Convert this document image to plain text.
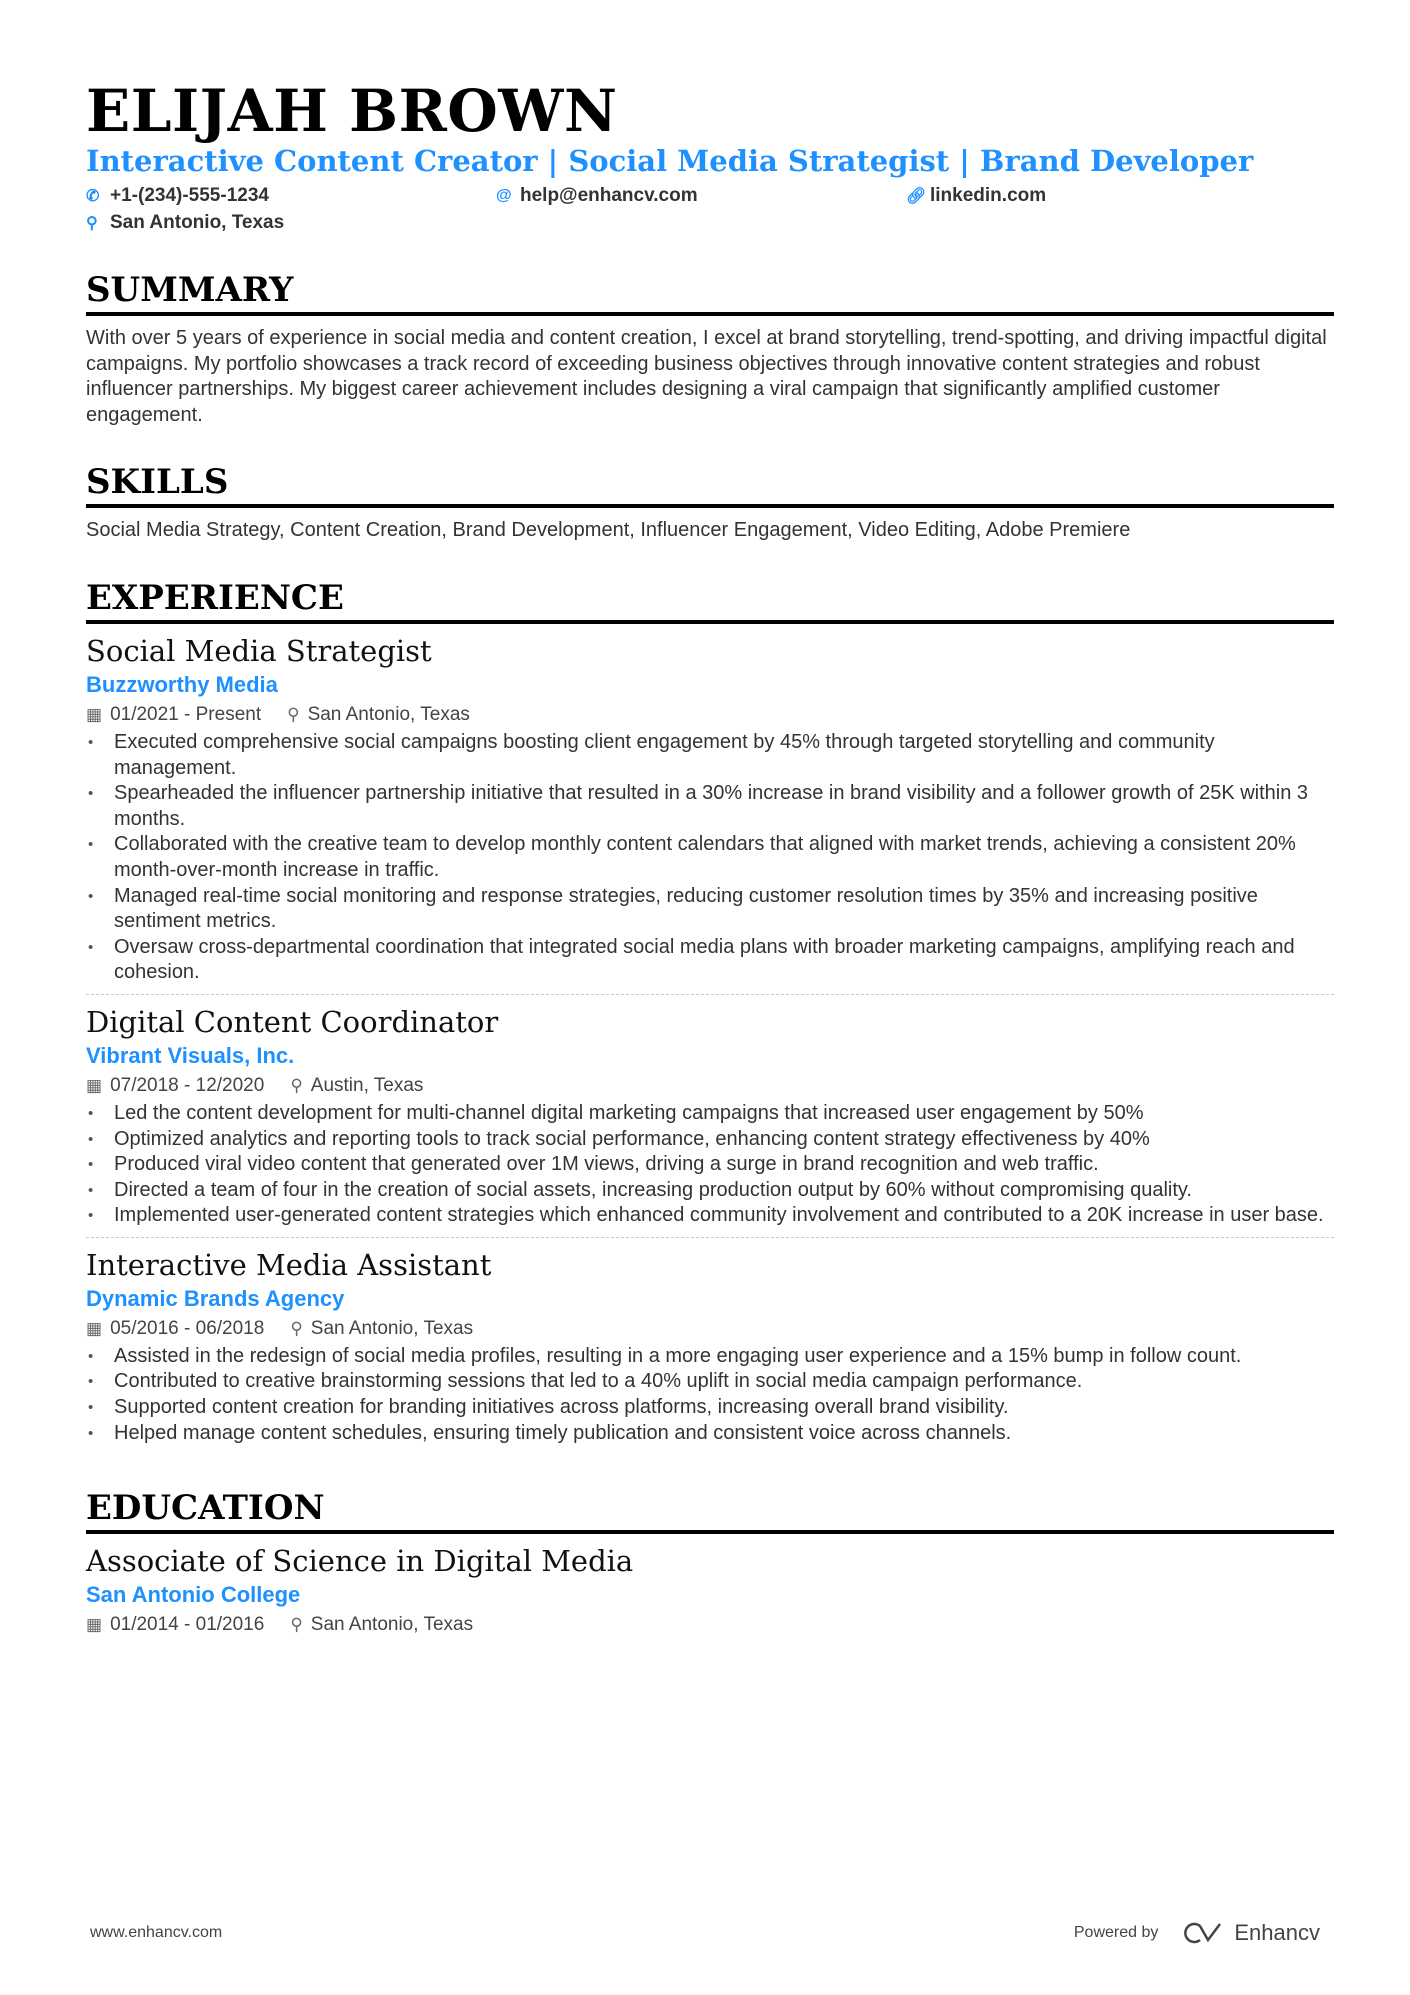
ELIJAH BROWN
Interactive Content Creator | Social Media Strategist | Brand Developer
✆ +1-(234)-555-1234	@ help@enhancv.com	🔗︎ linkedin.com
⚲ San Antonio, Texas
SUMMARY
With over 5 years of experience in social media and content creation, I excel at brand storytelling, trend-spotting, and driving impactful digital campaigns. My portfolio showcases a track record of exceeding business objectives through innovative content strategies and robust influencer partnerships. My biggest career achievement includes designing a viral campaign that significantly amplified customer engagement.
SKILLS
Social Media Strategy, Content Creation, Brand Development, Influencer Engagement, Video Editing, Adobe Premiere
EXPERIENCE
Social Media Strategist
Buzzworthy Media
▦ 01/2021 - Present ⚲ San Antonio, Texas
• Executed comprehensive social campaigns boosting client engagement by 45% through targeted storytelling and community management.
• Spearheaded the influencer partnership initiative that resulted in a 30% increase in brand visibility and a follower growth of 25K within 3 months.
• Collaborated with the creative team to develop monthly content calendars that aligned with market trends, achieving a consistent 20% month-over-month increase in traffic.
• Managed real-time social monitoring and response strategies, reducing customer resolution times by 35% and increasing positive sentiment metrics.
• Oversaw cross-departmental coordination that integrated social media plans with broader marketing campaigns, amplifying reach and cohesion.
Digital Content Coordinator
Vibrant Visuals, Inc.
▦ 07/2018 - 12/2020 ⚲ Austin, Texas
• Led the content development for multi-channel digital marketing campaigns that increased user engagement by 50%
• Optimized analytics and reporting tools to track social performance, enhancing content strategy effectiveness by 40%
• Produced viral video content that generated over 1M views, driving a surge in brand recognition and web traffic.
• Directed a team of four in the creation of social assets, increasing production output by 60% without compromising quality.
• Implemented user-generated content strategies which enhanced community involvement and contributed to a 20K increase in user base.
Interactive Media Assistant
Dynamic Brands Agency
▦ 05/2016 - 06/2018 ⚲ San Antonio, Texas
• Assisted in the redesign of social media profiles, resulting in a more engaging user experience and a 15% bump in follow count.
• Contributed to creative brainstorming sessions that led to a 40% uplift in social media campaign performance.
• Supported content creation for branding initiatives across platforms, increasing overall brand visibility.
• Helped manage content schedules, ensuring timely publication and consistent voice across channels.
EDUCATION
Associate of Science in Digital Media
San Antonio College
▦ 01/2014 - 01/2016 ⚲ San Antonio, Texas
www.enhancv.com	Powered by	Enhancv
